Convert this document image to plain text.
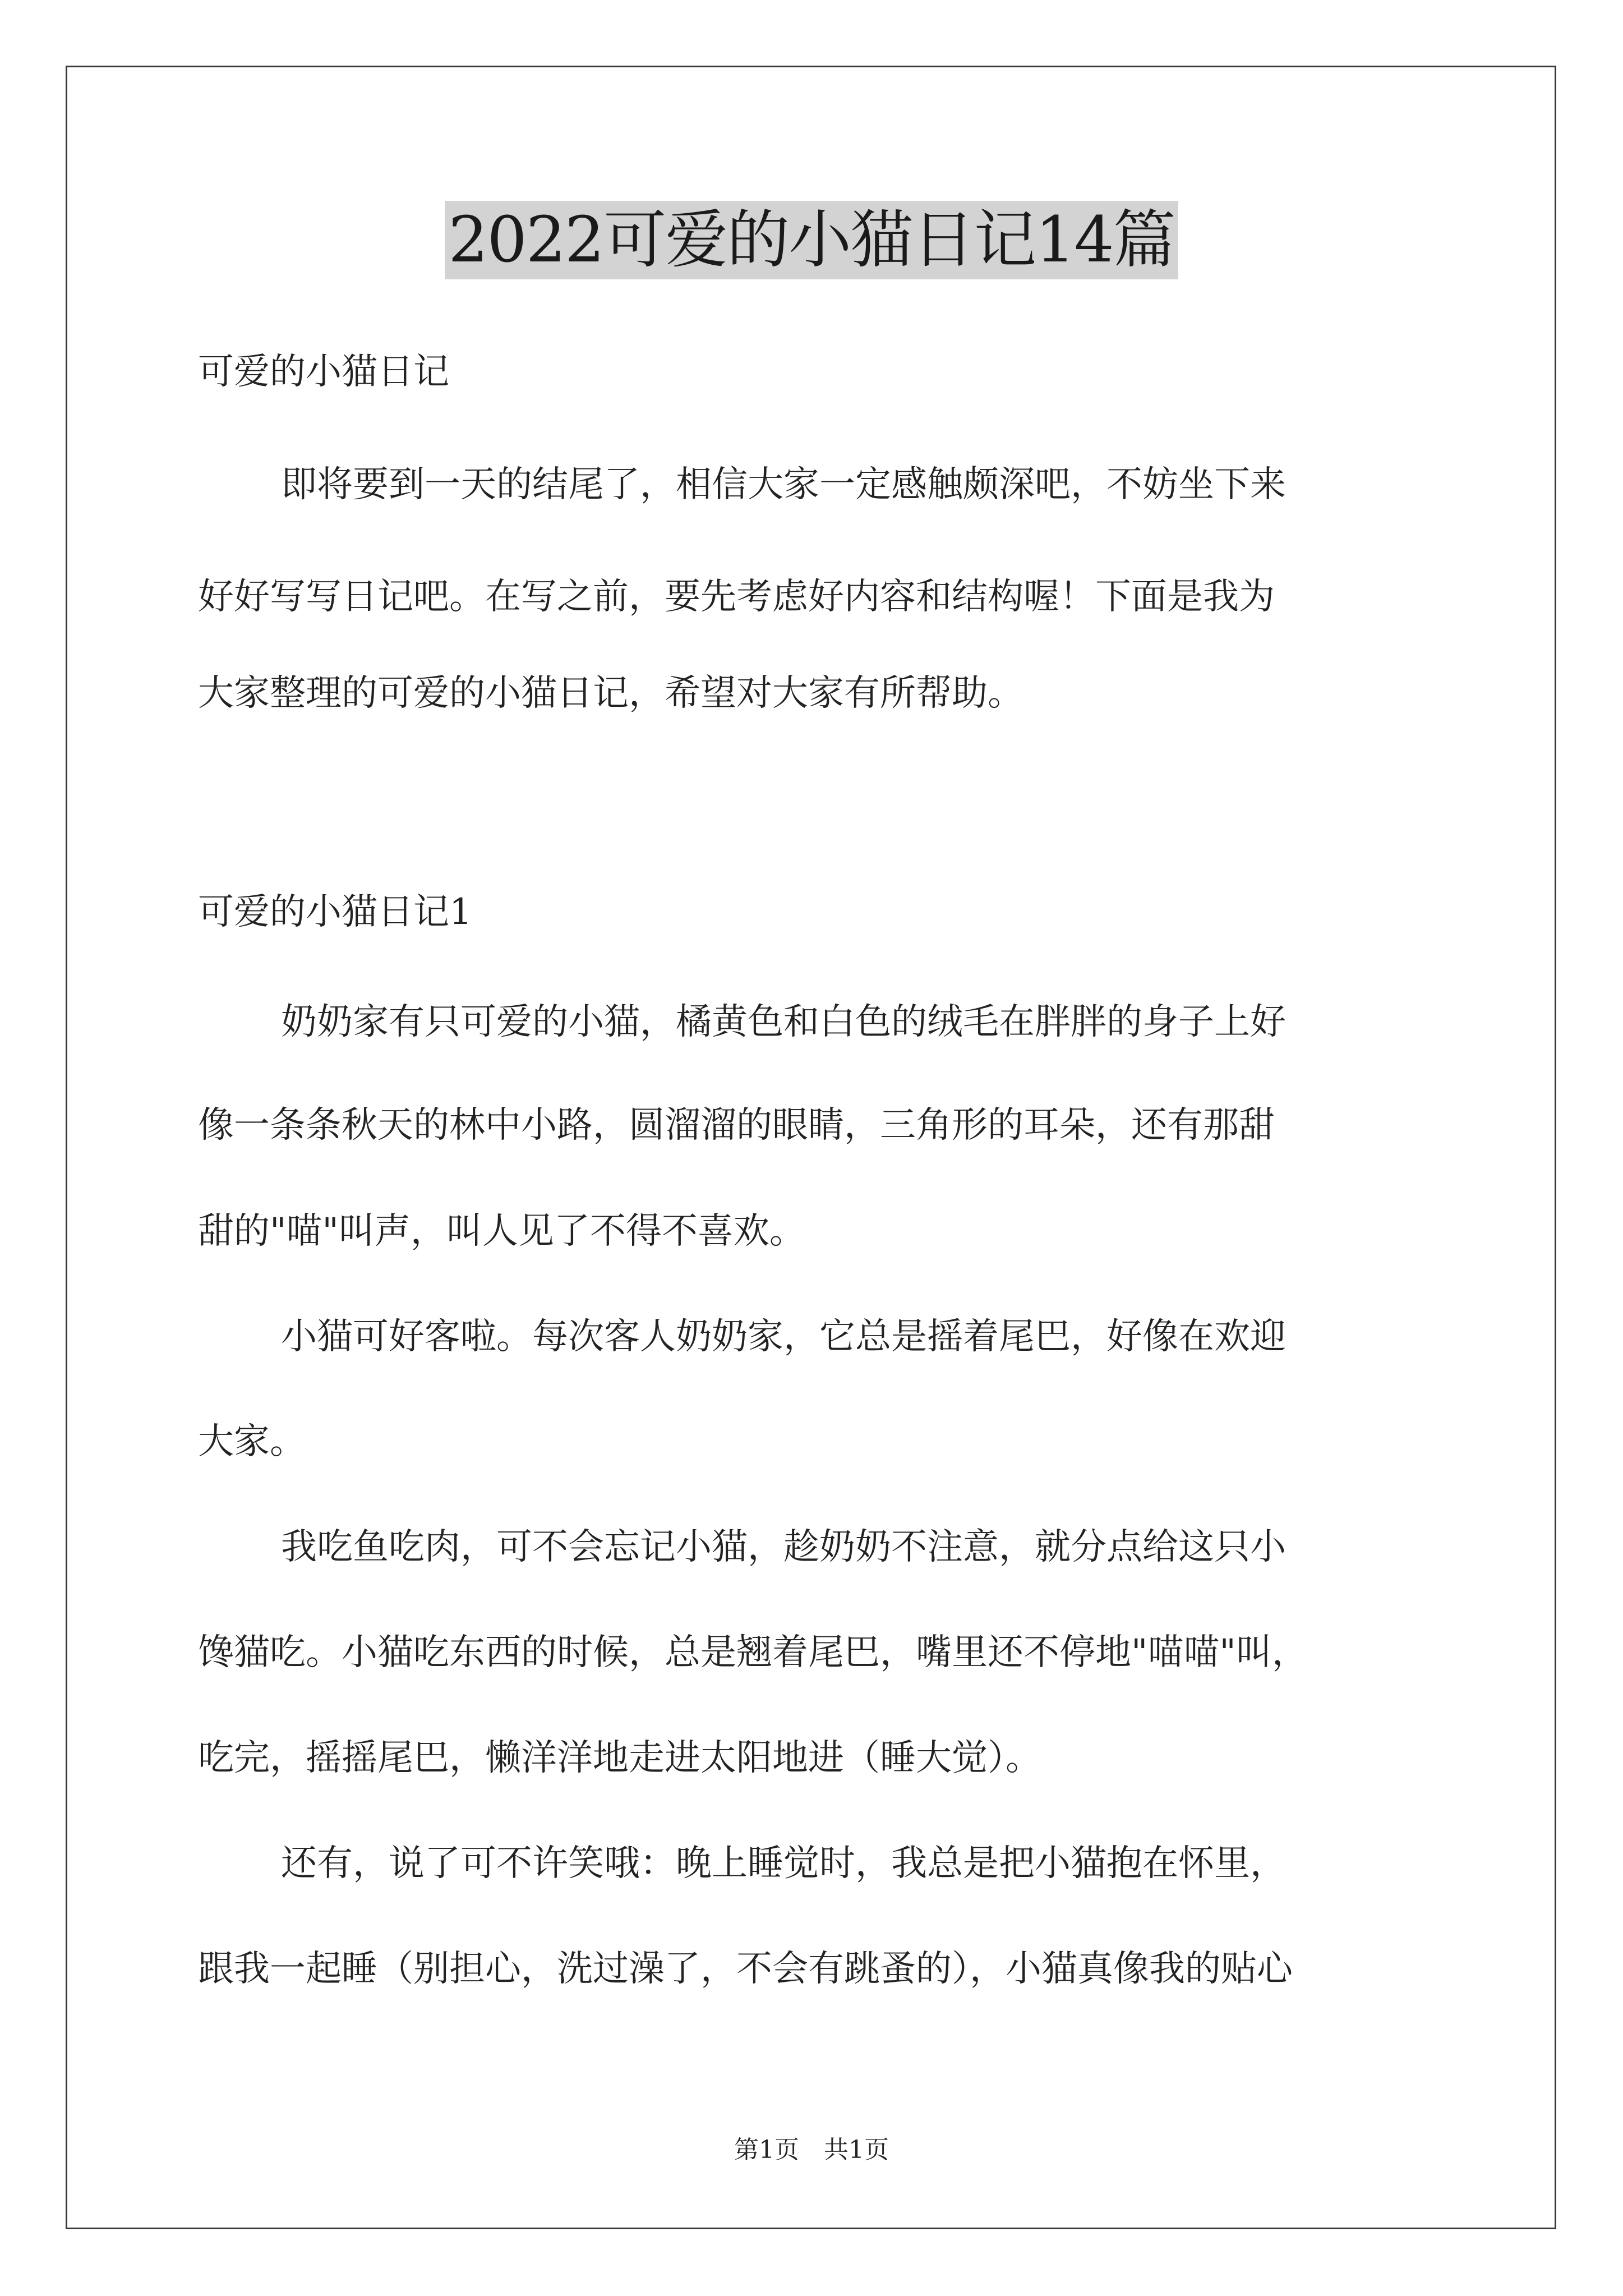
2022可爱的小猫日记14篇
可爱的小猫日记
即将要到一天的结尾了，相信大家一定感触颇深吧，不妨坐下来
好好写写日记吧。在写之前，要先考虑好内容和结构喔！下面是我为
大家整理的可爱的小猫日记，希望对大家有所帮助。
可爱的小猫日记1
奶奶家有只可爱的小猫，橘黄色和白色的绒毛在胖胖的身子上好
像一条条秋天的林中小路，圆溜溜的眼睛，三角形的耳朵，还有那甜
甜的"喵"叫声，叫人见了不得不喜欢。
小猫可好客啦。每次客人奶奶家，它总是摇着尾巴，好像在欢迎
大家。
我吃鱼吃肉，可不会忘记小猫，趁奶奶不注意，就分点给这只小
馋猫吃。小猫吃东西的时候，总是翘着尾巴，嘴里还不停地"喵喵"叫，
吃完，摇摇尾巴，懒洋洋地走进太阳地进（睡大觉）。
还有，说了可不许笑哦：晚上睡觉时，我总是把小猫抱在怀里，
跟我一起睡（别担心，洗过澡了，不会有跳蚤的），小猫真像我的贴心
第1页 共1页
